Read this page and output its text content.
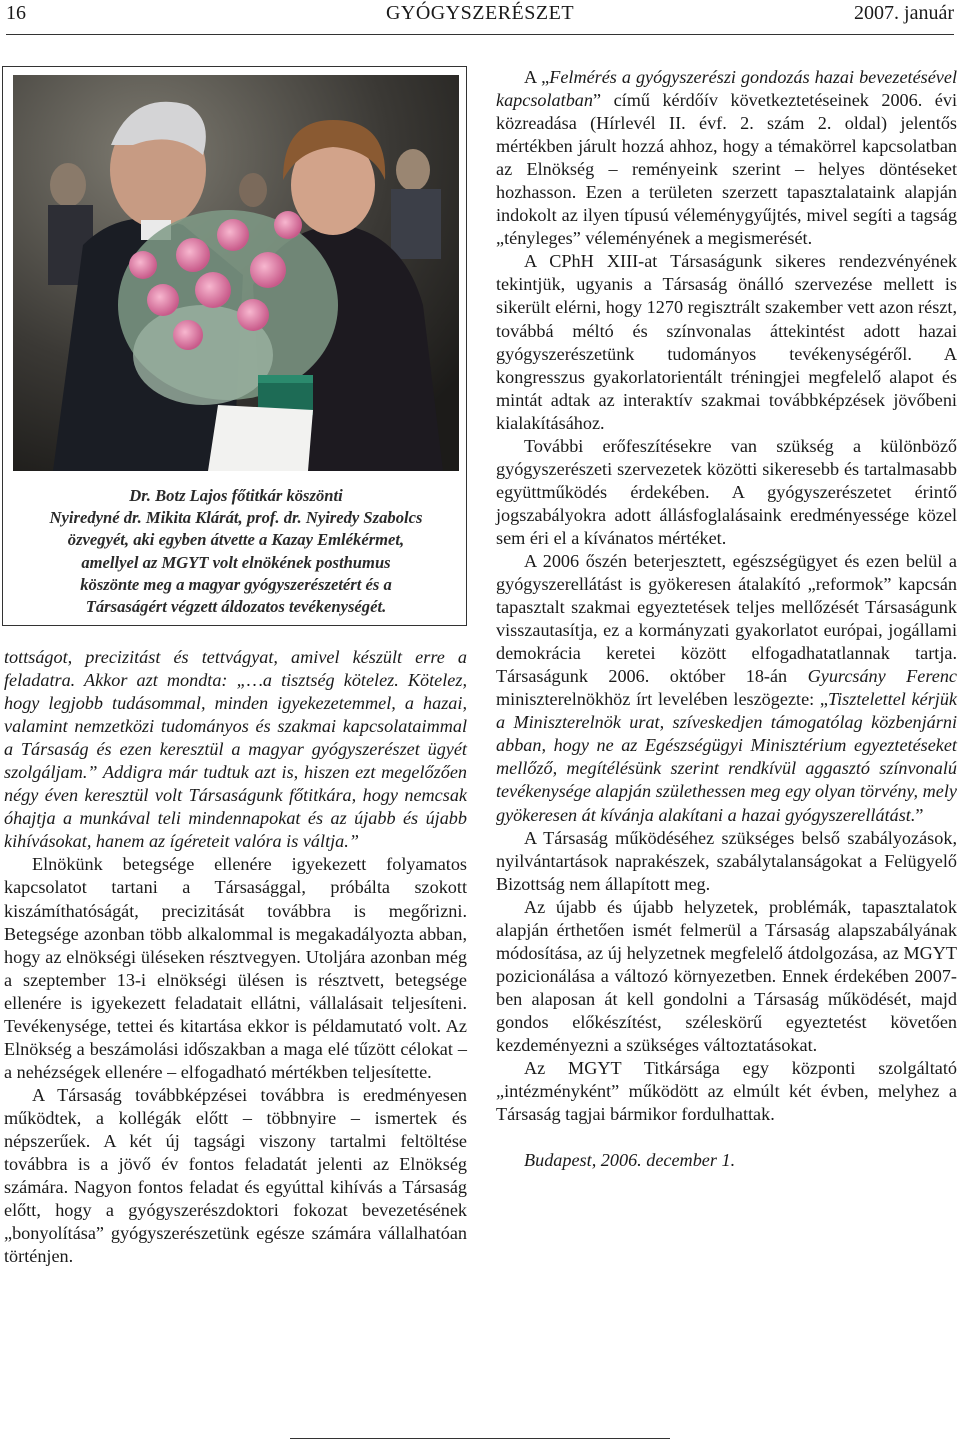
16	GYÓGYSZERÉSZET	2007. január
Dr. Botz Lajos főtitkár köszönti
Nyiredyné dr. Mikita Klárát, prof. dr. Nyiredy Szabolcs
özvegyét, aki egyben átvette a Kazay Emlékérmet,
amellyel az MGYT volt elnökének posthumus
köszönte meg a magyar gyógyszerészetért és a
Társaságért végzett áldozatos tevékenységét.

tottságot, precizitást és tettvágyat, amivel készült erre a feladatra. Akkor azt mondta: „…a tisztség kötelez. Kötelez, hogy legjobb tudásommal, minden igyekezetemmel, a hazai, valamint nemzetközi tudományos és szakmai kapcsolataimmal a Társaság és ezen keresztül a magyar gyógyszerészet ügyét szolgáljam.” Addigra már tudtuk azt is, hiszen ezt megelőzően négy éven keresztül volt Társaságunk főtitkára, hogy nemcsak óhajtja a munkával teli mindennapokat és az újabb és újabb kihívásokat, hanem az ígéreteit valóra is váltja.”

Elnökünk betegsége ellenére igyekezett folyamatos kapcsolatot tartani a Társasággal, próbálta szokott kiszámíthatóságát, precizitását továbbra is megőrizni. Betegsége azonban több alkalommal is megakadályozta abban, hogy az elnökségi üléseken résztvegyen. Utoljára azonban még a szeptember 13-i elnökségi ülésen is résztvett, betegsége ellenére is igyekezett feladatait ellátni, vállalásait teljesíteni. Tevékenysége, tettei és kitartása ekkor is példamutató volt. Az Elnökség a beszámolási időszakban a maga elé tűzött célokat – a nehézségek ellenére – elfogadható mértékben teljesítette.

A Társaság továbbképzései továbbra is eredményesen működtek, a kollégák előtt – többnyire – ismertek és népszerűek. A két új tagsági viszony tartalmi feltöltése továbbra is a jövő év fontos feladatát jelenti az Elnökség számára. Nagyon fontos feladat és egyúttal kihívás a Társaság előtt, hogy a gyógyszerészdoktori fokozat bevezetésének „bonyolítása” gyógyszerészetünk egésze számára vállalhatóan történjen.

A „Felmérés a gyógyszerészi gondozás hazai bevezetésével kapcsolatban” című kérdőív következtetéseinek 2006. évi közreadása (Hírlevél II. évf. 2. szám 2. oldal) jelentős mértékben járult hozzá ahhoz, hogy a témakörrel kapcsolatban az Elnökség – reményeink szerint – helyes döntéseket hozhasson. Ezen a területen szerzett tapasztalataink alapján indokolt az ilyen típusú véleménygyűjtés, mivel segíti a tagság „tényleges” véleményének a megismerését.

A CPhH XIII-at Társaságunk sikeres rendezvényének tekintjük, ugyanis a Társaság önálló szervezése mellett is sikerült elérni, hogy 1270 regisztrált szakember vett azon részt, továbbá méltó és színvonalas áttekintést adott hazai gyógyszerészetünk tudományos tevékenységéről. A kongresszus gyakorlatorientált tréningjei megfelelő alapot és mintát adtak az interaktív szakmai továbbképzések jövőbeni kialakításához.

További erőfeszítésekre van szükség a különböző gyógyszerészeti szervezetek közötti sikeresebb és tartalmasabb együttműködés érdekében. A gyógyszerészetet érintő jogszabályokra adott állásfoglalásaink eredményessége közel sem éri el a kívánatos mértéket.

A 2006 őszén beterjesztett, egészségügyet és ezen belül a gyógyszerellátást is gyökeresen átalakító „reformok” kapcsán tapasztalt szakmai egyeztetések teljes mellőzését Társaságunk visszautasítja, ez a kormányzati gyakorlatot európai, jogállami demokrácia keretei között elfogadhatatlannak tartja. Társaságunk 2006. október 18-án Gyurcsány Ferenc miniszterelnökhöz írt levelében leszögezte: „Tisztelettel kérjük a Miniszterelnök urat, szíveskedjen támogatólag közbenjárni abban, hogy ne az Egészségügyi Minisztérium egyeztetéseket mellőző, megítélésünk szerint rendkívül aggasztó színvonalú tevékenysége alapján születhessen meg egy olyan törvény, mely gyökeresen át kívánja alakítani a hazai gyógyszerellátást.”

A Társaság működéséhez szükséges belső szabályozások, nyilvántartások naprakészek, szabálytalanságokat a Felügyelő Bizottság nem állapított meg.

Az újabb és újabb helyzetek, problémák, tapasztalatok alapján érthetően ismét felmerül a Társaság alapszabályának módosítása, az új helyzetnek megfelelő átdolgozása, az MGYT pozicionálása a változó környezetben. Ennek érdekében 2007-ben alaposan át kell gondolni a Társaság működését, majd gondos előkészítést, széleskörű egyeztetést követően kezdeményezni a szükséges változtatásokat.

Az MGYT Titkársága egy központi szolgáltató „intézményként” működött az elmúlt két évben, melyhez a Társaság tagjai bármikor fordulhattak.

Budapest, 2006. december 1.
